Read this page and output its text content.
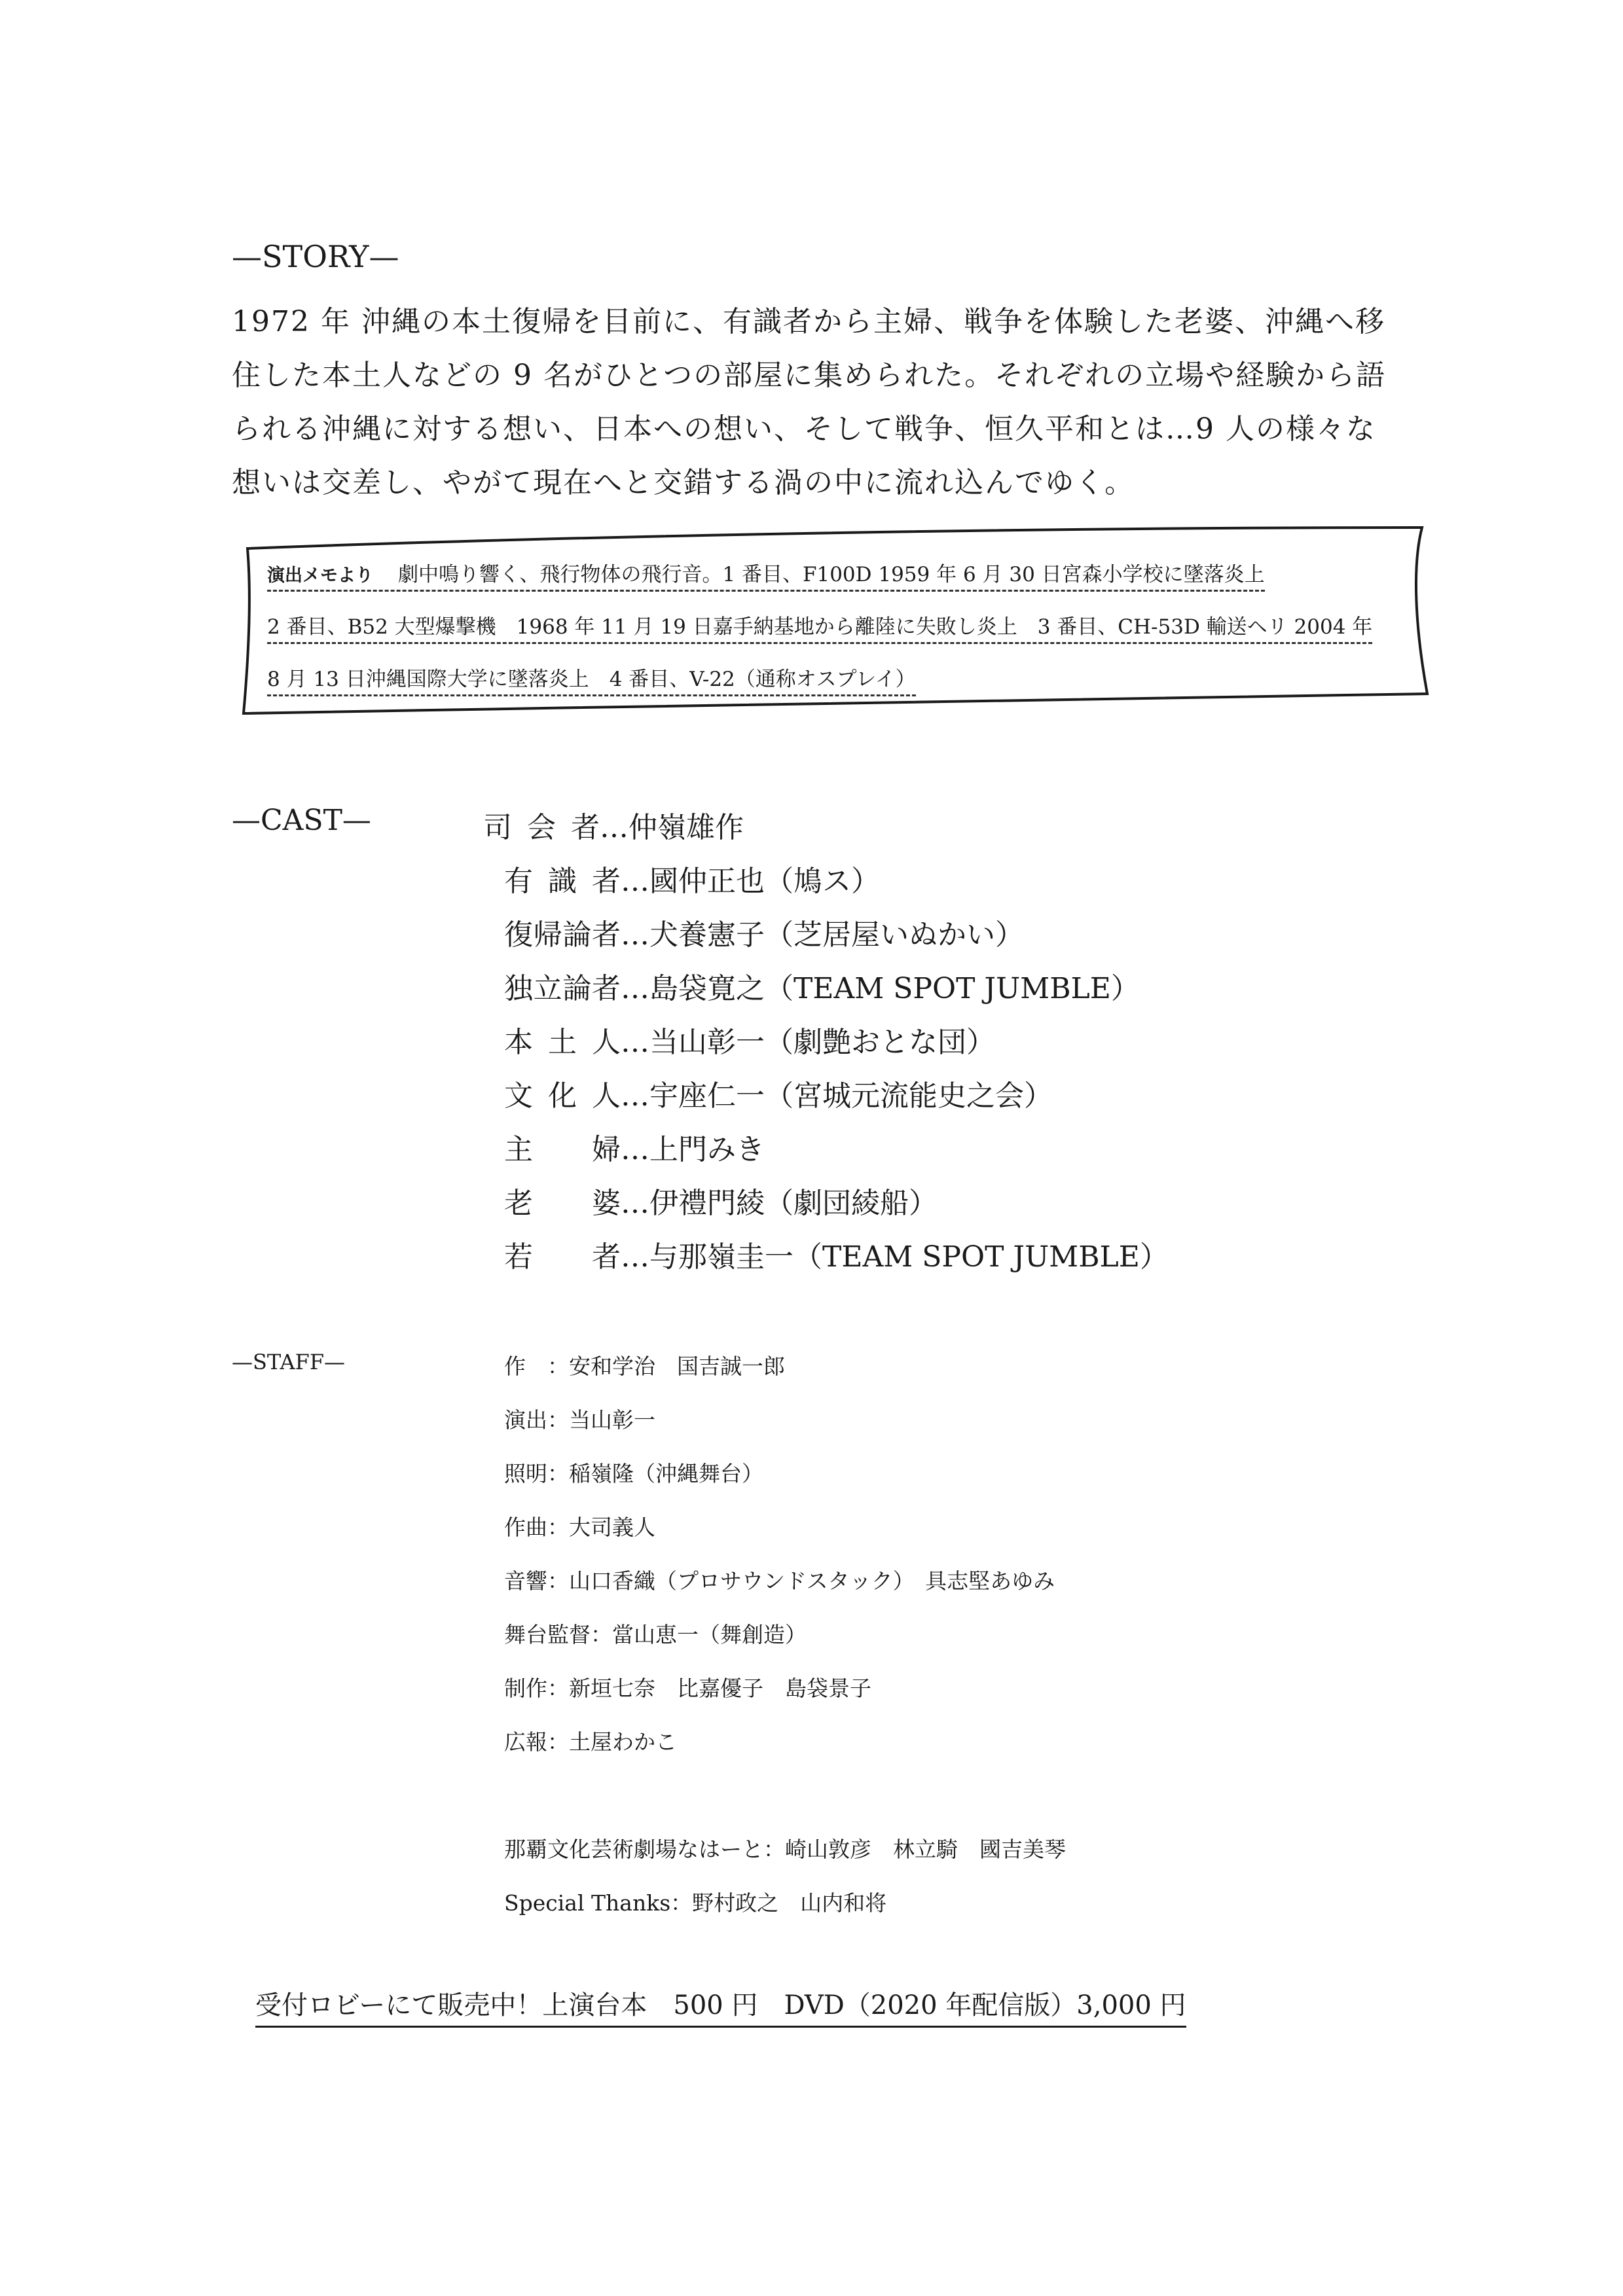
—STORY—
1972 年 沖縄の本土復帰を目前に、有識者から主婦、戦争を体験した老婆、沖縄へ移
住した本土人などの 9 名がひとつの部屋に集められた。それぞれの立場や経験から語
られる沖縄に対する想い、日本への想い、そして戦争、恒久平和とは…9 人の様々な
想いは交差し、やがて現在へと交錯する渦の中に流れ込んでゆく。
演出メモより 劇中鳴り響く、飛行物体の飛行音。1 番目、F100D 1959 年 6 月 30 日宮森小学校に墜落炎上
2 番目、B52 大型爆撃機　1968 年 11 月 19 日嘉手納基地から離陸に失敗し炎上　3 番目、CH-53D 輸送ヘリ 2004 年
8 月 13 日沖縄国際大学に墜落炎上　4 番目、V-22（通称オスプレイ）
—CAST—	司 会 者 …仲嶺雄作
有 識 者 …國仲正也（鳩ス）
復 帰 論 者 …犬養憲子（芝居屋いぬかい）
独 立 論 者 …島袋寛之（TEAM SPOT JUMBLE）
本 土 人 …当山彰一（劇艶おとな団）
文 化 人 …宇座仁一（宮城元流能史之会）
主 婦 …上門みき
老 婆 …伊禮門綾（劇団綾船）
若 者 …与那嶺圭一（TEAM SPOT JUMBLE）
—STAFF—	作　：安和学治　国吉誠一郎
演出：当山彰一
照明：稲嶺隆（沖縄舞台）
作曲：大司義人
音響：山口香織（プロサウンドスタック）　具志堅あゆみ
舞台監督：當山恵一（舞創造）
制作：新垣七奈　比嘉優子　島袋景子
広報：土屋わかこ
那覇文化芸術劇場なはーと：崎山敦彦　林立騎　國吉美琴
Special Thanks：野村政之　山内和将
受付ロビーにて販売中！上演台本　500 円　DVD（2020 年配信版）3,000 円
